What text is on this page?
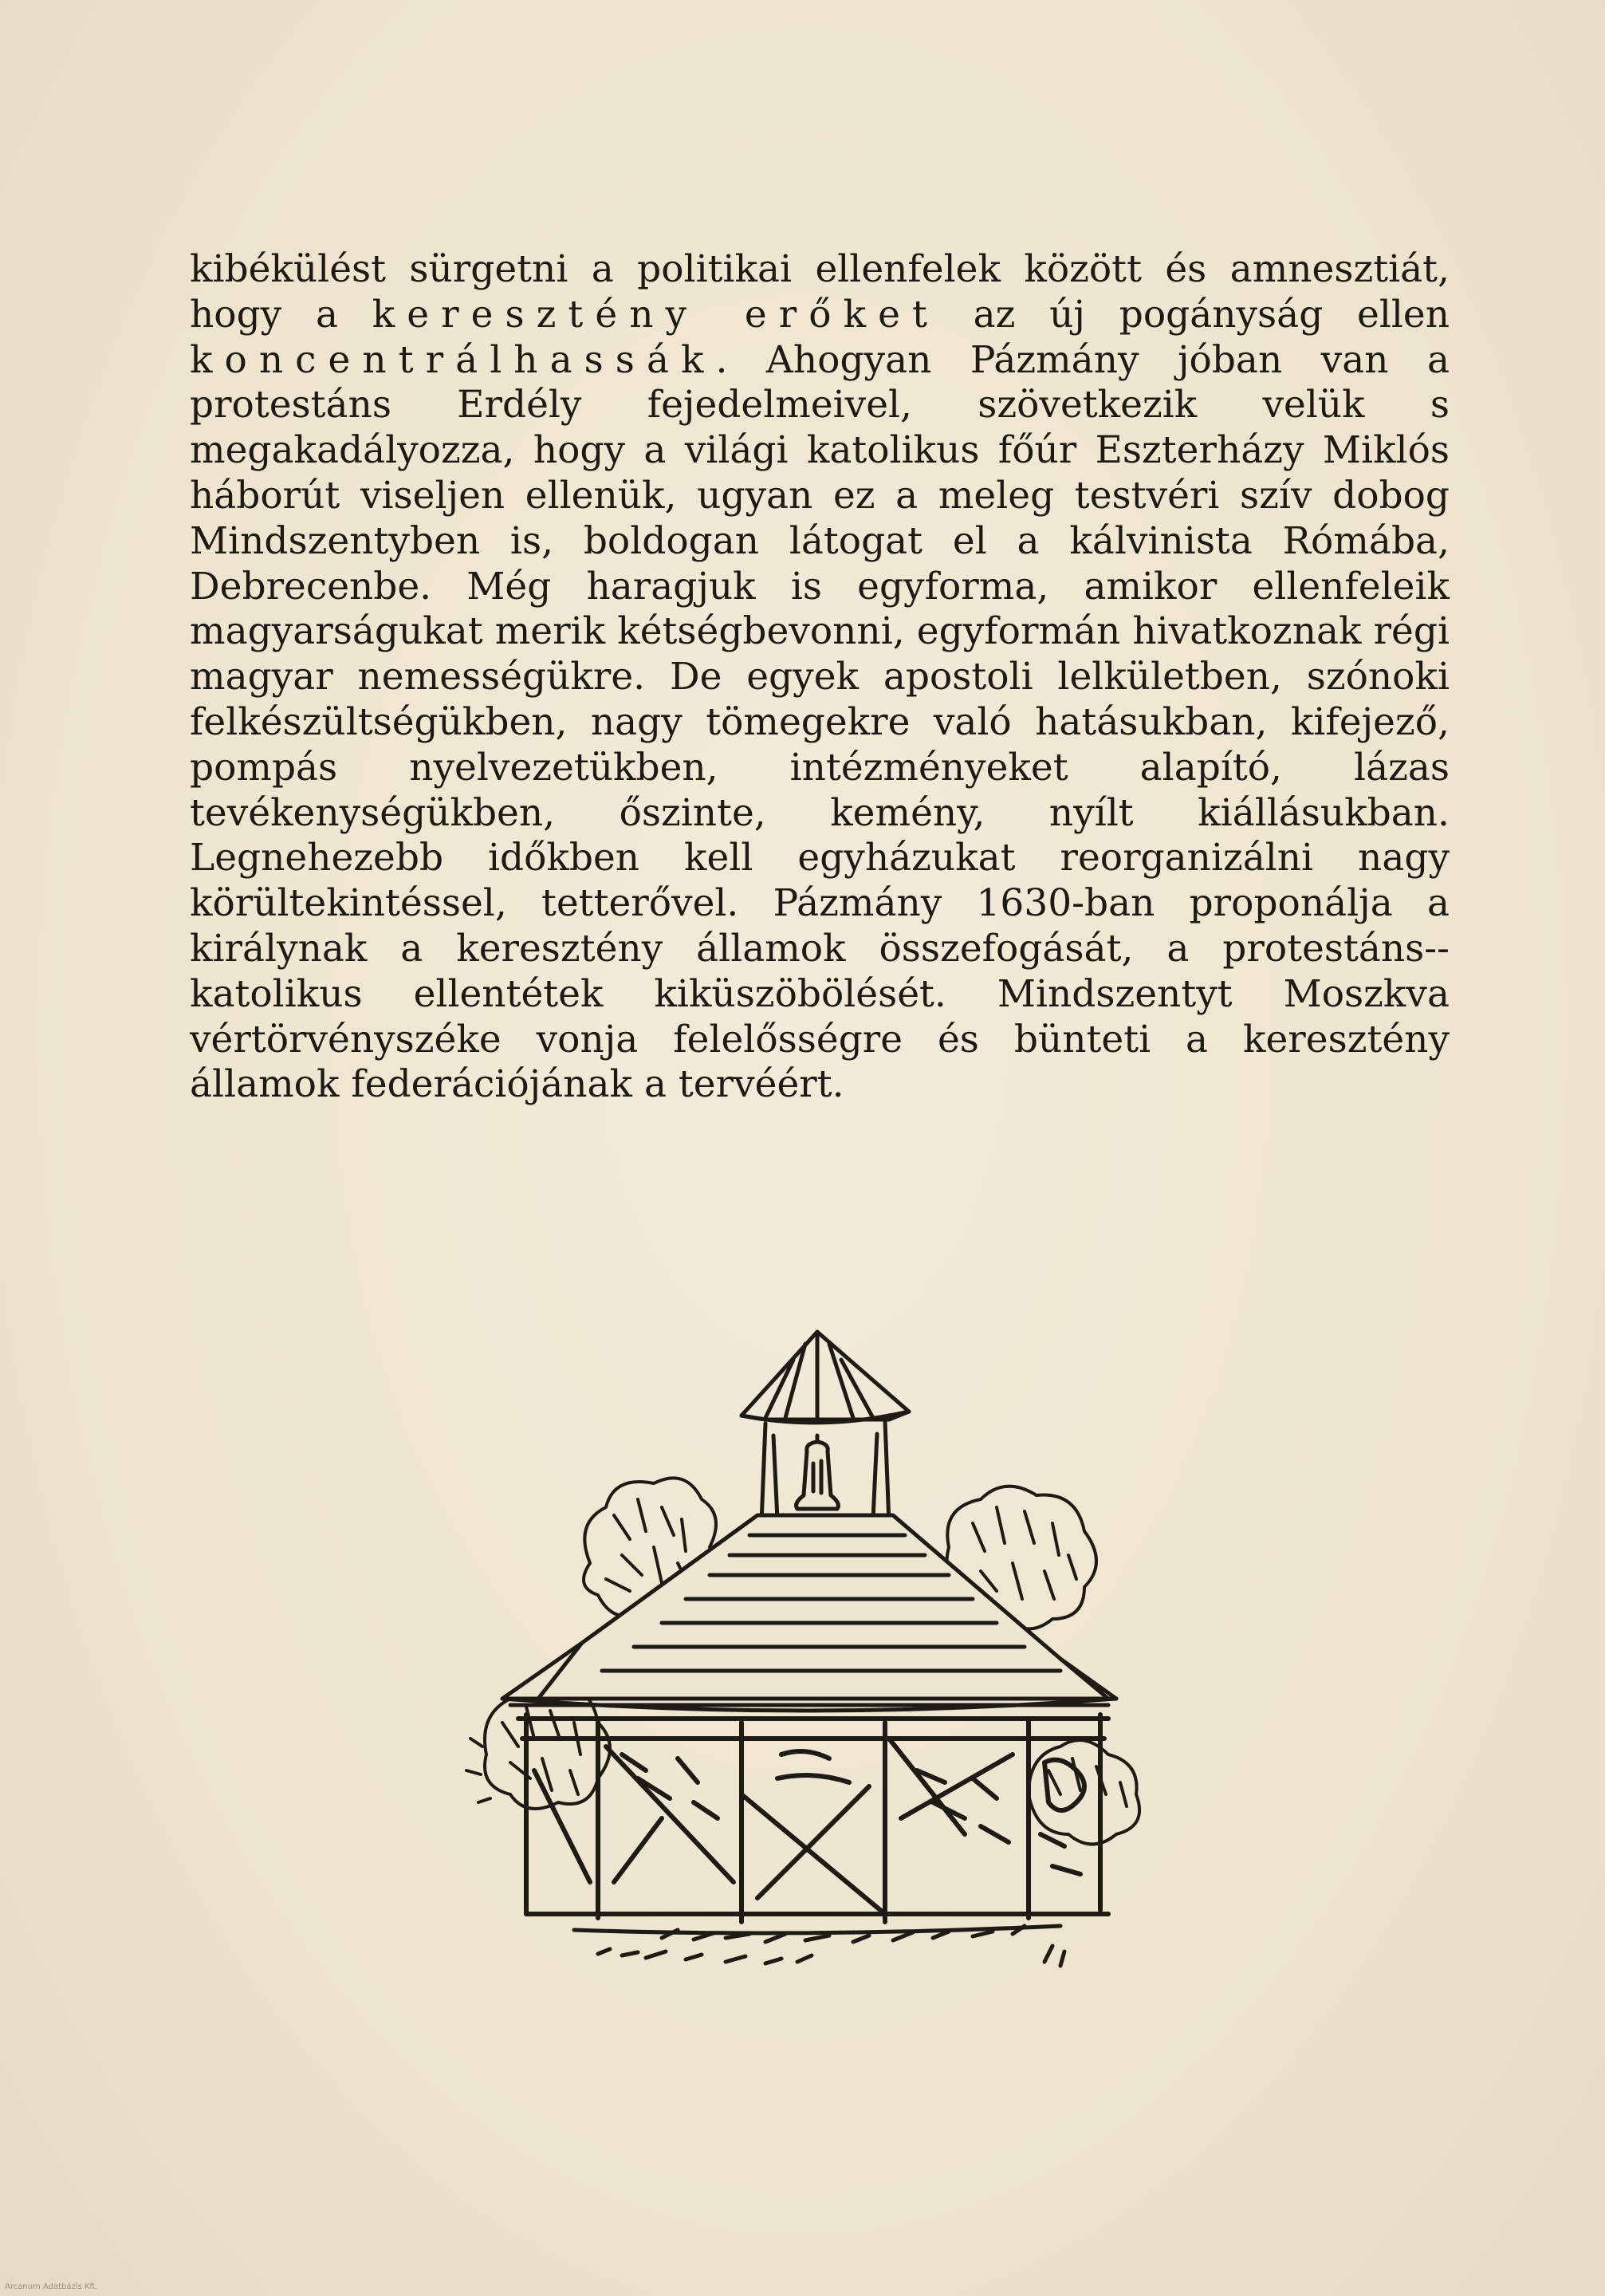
kibékülést sürgetni a politikai ellenfelek között és amnesztiát, hogy a keresztény erőket az új pogányság ellen koncentrálhassák. Ahogyan Pázmány jóban van a protestáns Erdély fejedelmeivel, szövetkezik velük s megakadályozza, hogy a világi katolikus főúr Eszterházy Miklós háborút viseljen ellenük, ugyan ez a meleg testvéri szív dobog Mindszentyben is, boldogan látogat el a kálvinista Rómába, Debrecenbe. Még haragjuk is egyforma, amikor ellenfeleik magyarságukat merik kétségbevonni, egyformán hivatkoznak régi magyar nemességükre. De egyek apostoli lelkületben, szónoki felkészültségükben, nagy tömegekre való hatásukban, kifejező, pompás nyelvezetükben, intézményeket alapító, lázas tevékenységükben, őszinte, kemény, nyílt kiállásukban. Legnehezebb időkben kell egyházukat reorganizálni nagy körültekintéssel, tetterővel. Pázmány 1630-ban proponálja a királynak a keresztény államok összefogását, a protestáns--katolikus ellentétek kiküszöbölését. Mindszentyt Moszkva vértörvényszéke vonja felelősségre és bünteti a keresztény államok federációjának a tervéért.

Arcanum Adatbázis Kft.
